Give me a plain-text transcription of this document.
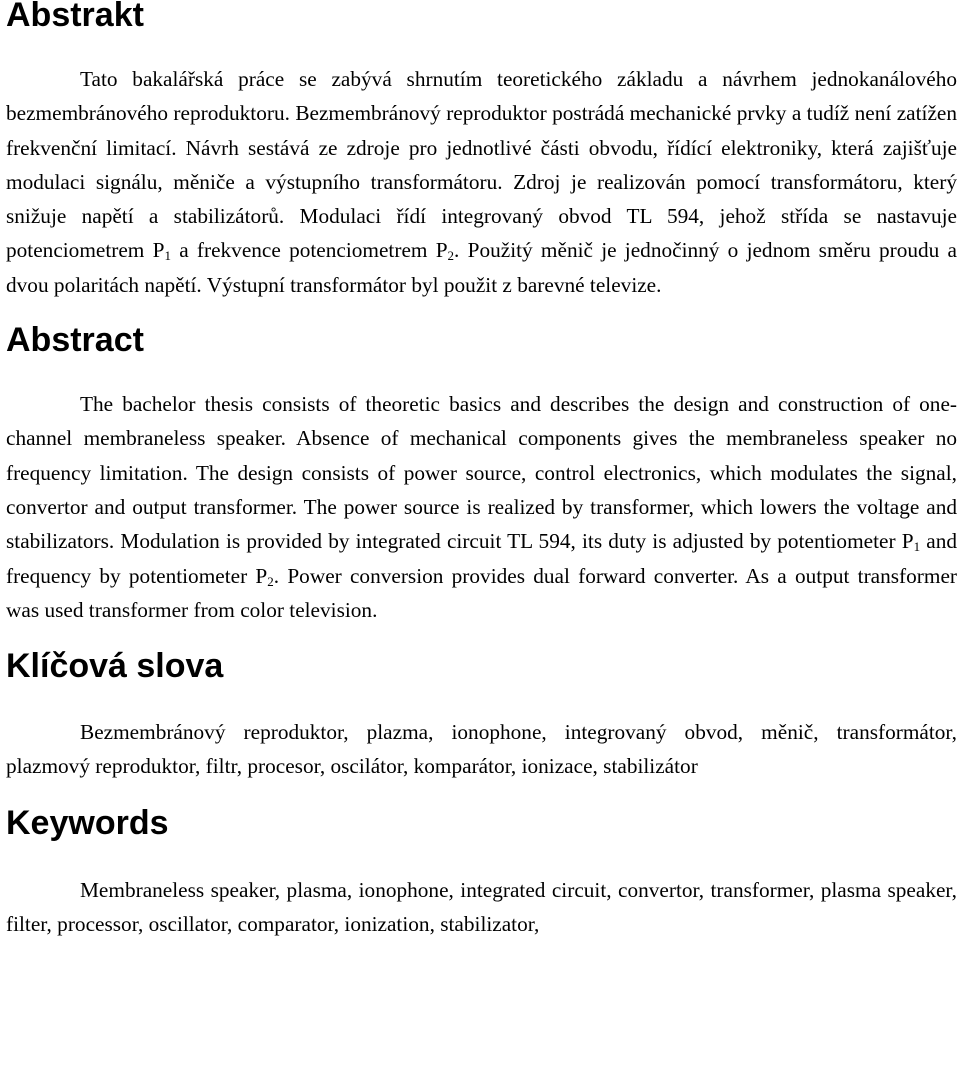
Abstrakt

Tato bakalářská práce se zabývá shrnutím teoretického základu a návrhem jednokanálového bezmembránového reproduktoru. Bezmembránový reproduktor postrádá mechanické prvky a tudíž není zatížen frekvenční limitací. Návrh sestává ze zdroje pro jednotlivé části obvodu, řídící elektroniky, která zajišťuje modulaci signálu, měniče a výstupního transformátoru. Zdroj je realizován pomocí transformátoru, který snižuje napětí a stabilizátorů. Modulaci řídí integrovaný obvod TL 594, jehož střída se nastavuje potenciometrem $P_1$ a frekvence potenciometrem $P_2$. Použitý měnič je jednočinný o jednom směru proudu a dvou polaritách napětí. Výstupní transformátor byl použit z barevné televize.

Abstract

The bachelor thesis consists of theoretic basics and describes the design and construction of one-channel membraneless speaker. Absence of mechanical components gives the membraneless speaker no frequency limitation. The design consists of power source, control electronics, which modulates the signal, convertor and output transformer. The power source is realized by transformer, which lowers the voltage and stabilizators. Modulation is provided by integrated circuit TL 594, its duty is adjusted by potentiometer $P_1$ and frequency by potentiometer $P_2$. Power conversion provides dual forward converter. As a output transformer was used transformer from color television.

Klíčová slova

Bezmembránový reproduktor, plazma, ionophone, integrovaný obvod, měnič, transformátor, plazmový reproduktor, filtr, procesor, oscilátor, komparátor, ionizace, stabilizátor

Keywords

Membraneless speaker, plasma, ionophone, integrated circuit, convertor, transformer, plasma speaker, filter, processor, oscillator, comparator, ionization, stabilizator,
